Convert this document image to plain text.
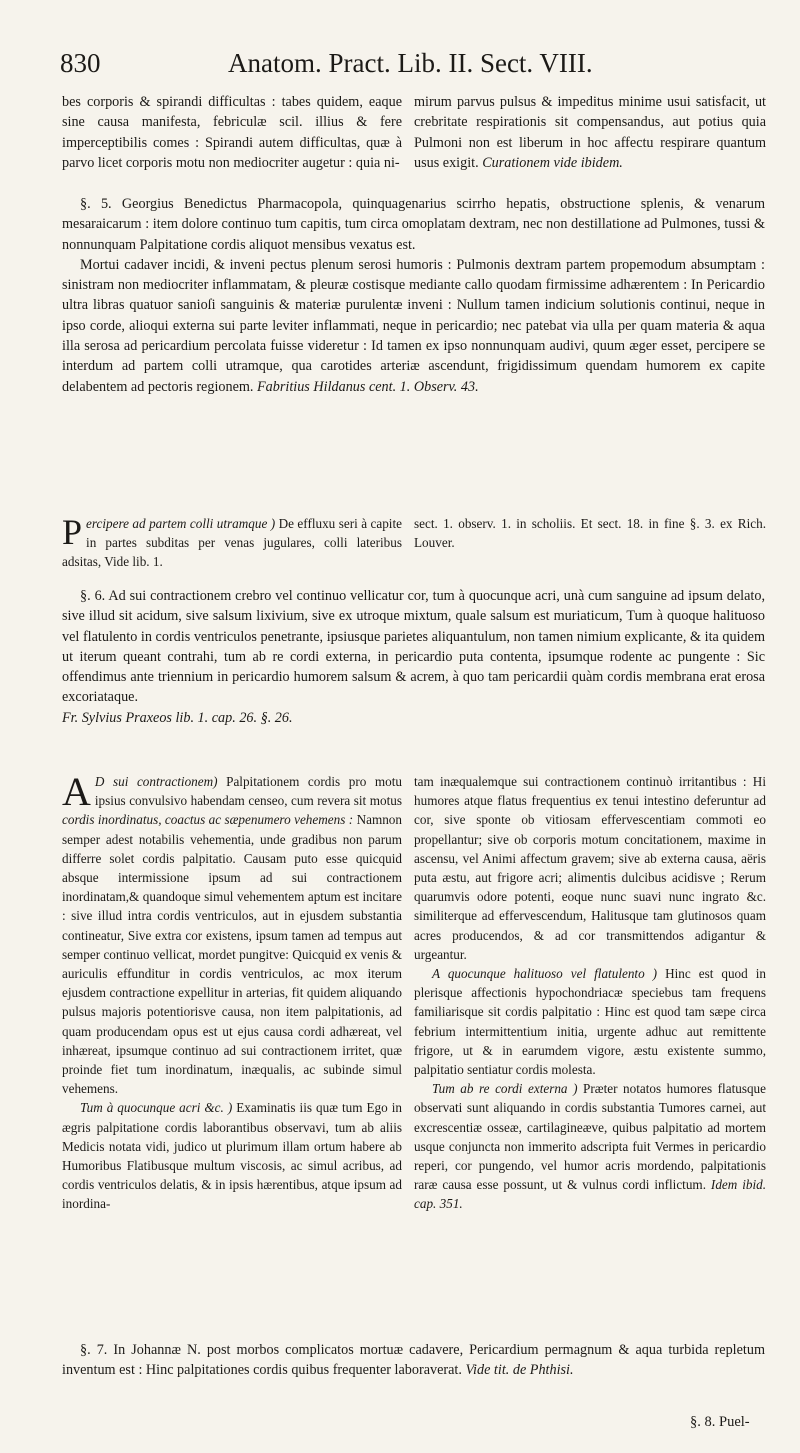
830	Anatom. Pract. Lib. II. Sect. VIII.

bes corporis & spirandi difficultas : tabes quidem, eaque sine causa manifesta, febriculæ scil. illius & fere imperceptibilis comes : Spirandi autem difficultas, quæ à parvo licet corporis motu non mediocriter augetur : quia ni-

mirum parvus pulsus & impeditus minime usui satisfacit, ut crebritate respirationis sit compensandus, aut potius quia Pulmoni non est liberum in hoc affectu respirare quantum usus exigit. Curationem vide ibidem.

§. 5. Georgius Benedictus Pharmacopola, quinquagenarius scirrho hepatis, obstructione splenis, & venarum mesaraicarum : item dolore continuo tum capitis, tum circa omoplatam dextram, nec non destillatione ad Pulmones, tussi & nonnunquam Palpitatione cordis aliquot mensibus vexatus est.

Mortui cadaver incidi, & inveni pectus plenum serosi humoris : Pulmonis dextram partem propemodum absumptam : sinistram non mediocriter inflammatam, & pleuræ costisque mediante callo quodam firmissime adhærentem : In Pericardio ultra libras quatuor sanioſi sanguinis & materiæ purulentæ inveni : Nullum tamen indicium solutionis continui, neque in ipso corde, alioqui externa sui parte leviter inflammati, neque in pericardio; nec patebat via ulla per quam materia & aqua illa serosa ad pericardium percolata fuisse videretur : Id tamen ex ipso nonnunquam audivi, quum æger esset, percipere se interdum ad partem colli utramque, qua carotides arteriæ ascendunt, frigidissimum quendam humorem ex capite delabentem ad pectoris regionem. Fabritius Hildanus cent. 1. Observ. 43.

P ercipere ad partem colli utramque ) De effluxu seri à capite in partes subditas per venas jugulares, colli lateribus adsitas, Vide lib. 1.

sect. 1. observ. 1. in scholiis. Et sect. 18. in fine §. 3. ex Rich. Louver.

§. 6. Ad sui contractionem crebro vel continuo vellicatur cor, tum à quocunque acri, unà cum sanguine ad ipsum delato, sive illud sit acidum, sive salsum lixivium, sive ex utroque mixtum, quale salsum est muriaticum, Tum à quoque halituoso vel flatulento in cordis ventriculos penetrante, ipsiusque parietes aliquantulum, non tamen nimium explicante, & ita quidem ut iterum queant contrahi, tum ab re cordi externa, in pericardio puta contenta, ipsumque rodente ac pungente : Sic offendimus ante triennium in pericardio humorem salsum & acrem, à quo tam pericardii quàm cordis membrana erat erosa excoriataque.

Fr. Sylvius Praxeos lib. 1. cap. 26. §. 26.

A D sui contractionem) Palpitationem cordis pro motu ipsius convulsivo habendam censeo, cum revera sit motus cordis inordinatus, coactus ac sæpenumero vehemens : Namnon semper adest notabilis vehementia, unde gradibus non parum differre solet cordis palpitatio. Causam puto esse quicquid absque intermissione ipsum ad sui contractionem inordinatam,& quandoque simul vehementem aptum est incitare : sive illud intra cordis ventriculos, aut in ejusdem substantia contineatur, Sive extra cor existens, ipsum tamen ad tempus aut semper continuo vellicat, mordet pungitve: Quicquid ex venis & auriculis effunditur in cordis ventriculos, ac mox iterum ejusdem contractione expellitur in arterias, fit quidem aliquando pulsus majoris potentiorisve causa, non item palpitationis, ad quam producendam opus est ut ejus causa cordi adhæreat, vel inhæreat, ipsumque continuo ad sui contractionem irritet, quæ proinde fiet tum inordinatum, inæqualis, ac subinde simul vehemens.

Tum à quocunque acri &c. ) Examinatis iis quæ tum Ego in ægris palpitatione cordis laborantibus observavi, tum ab aliis Medicis notata vidi, judico ut plurimum illam ortum habere ab Humoribus Flatibusque multum viscosis, ac simul acribus, ad cordis ventriculos delatis, & in ipsis hærentibus, atque ipsum ad inordina-

tam inæqualemque sui contractionem continuò irritantibus : Hi humores atque flatus frequentius ex tenui intestino deferuntur ad cor, sive sponte ob vitiosam effervescentiam commoti eo propellantur; sive ob corporis motum concitationem, maxime in ascensu, vel Animi affectum gravem; sive ab externa causa, aëris puta æstu, aut frigore acri; alimentis dulcibus acidisve ; Rerum quarumvis odore potenti, eoque nunc suavi nunc ingrato &c. similiterque ad effervescendum, Halitusque tam glutinosos quam acres producendos, & ad cor transmittendos adigantur & urgeantur.

A quocunque halituoso vel flatulento ) Hinc est quod in plerisque affectionis hypochondriacæ speciebus tam frequens familiarisque sit cordis palpitatio : Hinc est quod tam sæpe circa febrium intermittentium initia, urgente adhuc aut remittente frigore, ut & in earumdem vigore, æstu existente summo, palpitatio sentiatur cordis molesta.

Tum ab re cordi externa ) Præter notatos humores flatusque observati sunt aliquando in cordis substantia Tumores carnei, aut excrescentiæ osseæ, cartilagineæve, quibus palpitatio ad mortem usque conjuncta non immerito adscripta fuit Vermes in pericardio reperi, cor pungendo, vel humor acris mordendo, palpitationis raræ causa esse possunt, ut & vulnus cordi inflictum. Idem ibid. cap. 351.

§. 7. In Johannæ N. post morbos complicatos mortuæ cadavere, Pericardium permagnum & aqua turbida repletum inventum est : Hinc palpitationes cordis quibus frequenter laboraverat. Vide tit. de Phthisi.

§. 8. Puel-
